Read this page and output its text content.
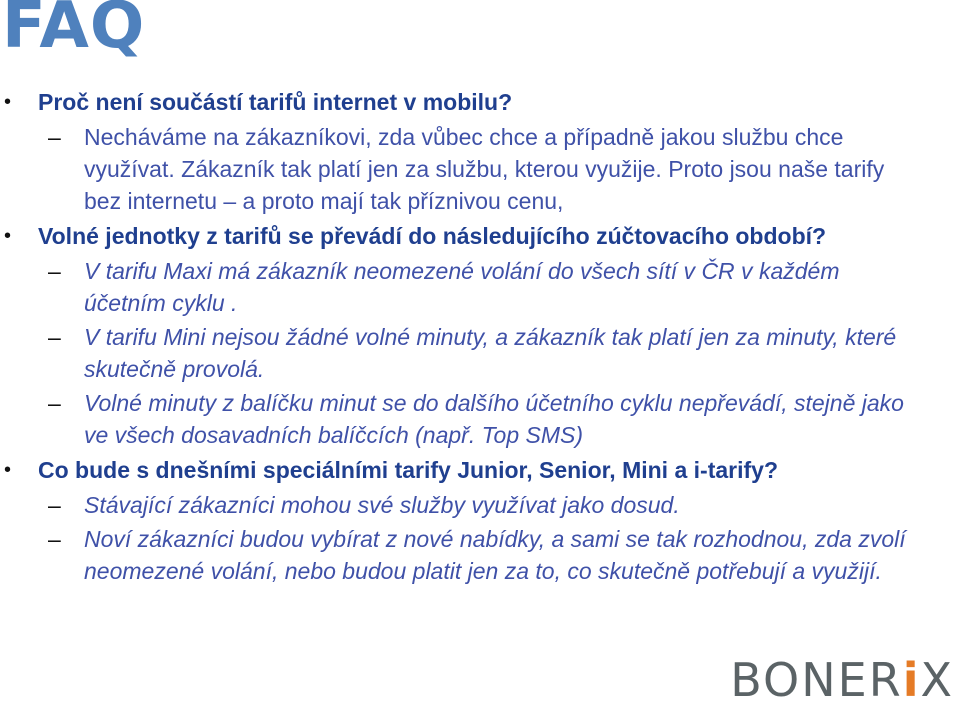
FAQ
• Proč není součástí tarifů internet v mobilu?
– Necháváme na zákazníkovi, zda vůbec chce a případně jakou službu chce využívat. Zákazník tak platí jen za službu, kterou využije. Proto jsou naše tarify bez internetu – a proto mají tak příznivou cenu,
• Volné jednotky z tarifů se převádí do následujícího zúčtovacího období?
– V tarifu Maxi má zákazník neomezené volání do všech sítí v ČR v každém účetním cyklu .
– V tarifu Mini nejsou žádné volné minuty, a zákazník tak platí jen za minuty, které skutečně provolá.
– Volné minuty z balíčku minut se do dalšího účetního cyklu nepřevádí, stejně jako ve všech dosavadních balíčcích (např. Top SMS)
• Co bude s dnešními speciálními tarify Junior, Senior, Mini a i-tarify?
– Stávající zákazníci mohou své služby využívat jako dosud.
– Noví zákazníci budou vybírat z nové nabídky, a sami se tak rozhodnou, zda zvolí neomezené volání, nebo budou platit jen za to, co skutečně potřebují a využijí.
BONER i X
